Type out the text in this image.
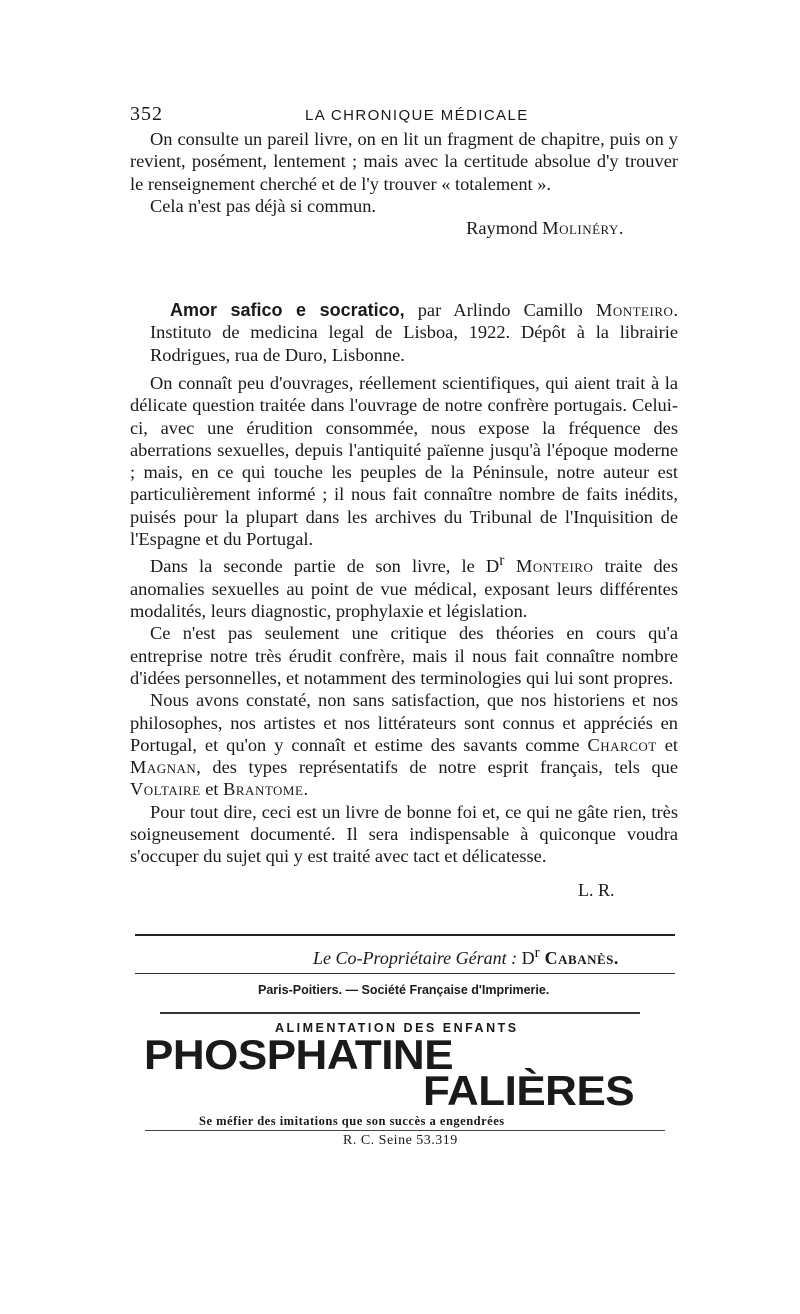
352	LA CHRONIQUE MÉDICALE

On consulte un pareil livre, on en lit un fragment de chapitre, puis on y revient, posément, lentement ; mais avec la certitude absolue d'y trouver le renseignement cherché et de l'y trouver « totalement ».

Cela n'est pas déjà si commun.

Raymond Molinéry.

Amor safico e socratico, par Arlindo Camillo Monteiro. Instituto de medicina legal de Lisboa, 1922. Dépôt à la librairie Rodrigues, rua de Duro, Lisbonne.

On connaît peu d'ouvrages, réellement scientifiques, qui aient trait à la délicate question traitée dans l'ouvrage de notre confrère portugais. Celui-ci, avec une érudition consommée, nous expose la fréquence des aberrations sexuelles, depuis l'antiquité païenne jusqu'à l'époque moderne ; mais, en ce qui touche les peuples de la Péninsule, notre auteur est particulièrement informé ; il nous fait connaître nombre de faits inédits, puisés pour la plupart dans les archives du Tribunal de l'Inquisition de l'Espagne et du Portugal.

Dans la seconde partie de son livre, le $D^r$ Monteiro traite des anomalies sexuelles au point de vue médical, exposant leurs différentes modalités, leurs diagnostic, prophylaxie et législation.

Ce n'est pas seulement une critique des théories en cours qu'a entreprise notre très érudit confrère, mais il nous fait connaître nombre d'idées personnelles, et notamment des terminologies qui lui sont propres.

Nous avons constaté, non sans satisfaction, que nos historiens et nos philosophes, nos artistes et nos littérateurs sont connus et appréciés en Portugal, et qu'on y connaît et estime des savants comme Charcot et Magnan, des types représentatifs de notre esprit français, tels que Voltaire et Brantome.

Pour tout dire, ceci est un livre de bonne foi et, ce qui ne gâte rien, très soigneusement documenté. Il sera indispensable à quiconque voudra s'occuper du sujet qui y est traité avec tact et délicatesse.

L. R.
Le Co-Propriétaire Gérant : $D^r$ Cabanès.
Paris-Poitiers. — Société Française d'Imprimerie.
ALIMENTATION DES ENFANTS
PHOSPHATINE
FALIÈRES
Se méfier des imitations que son succès a engendrées
R. C. Seine 53.319
